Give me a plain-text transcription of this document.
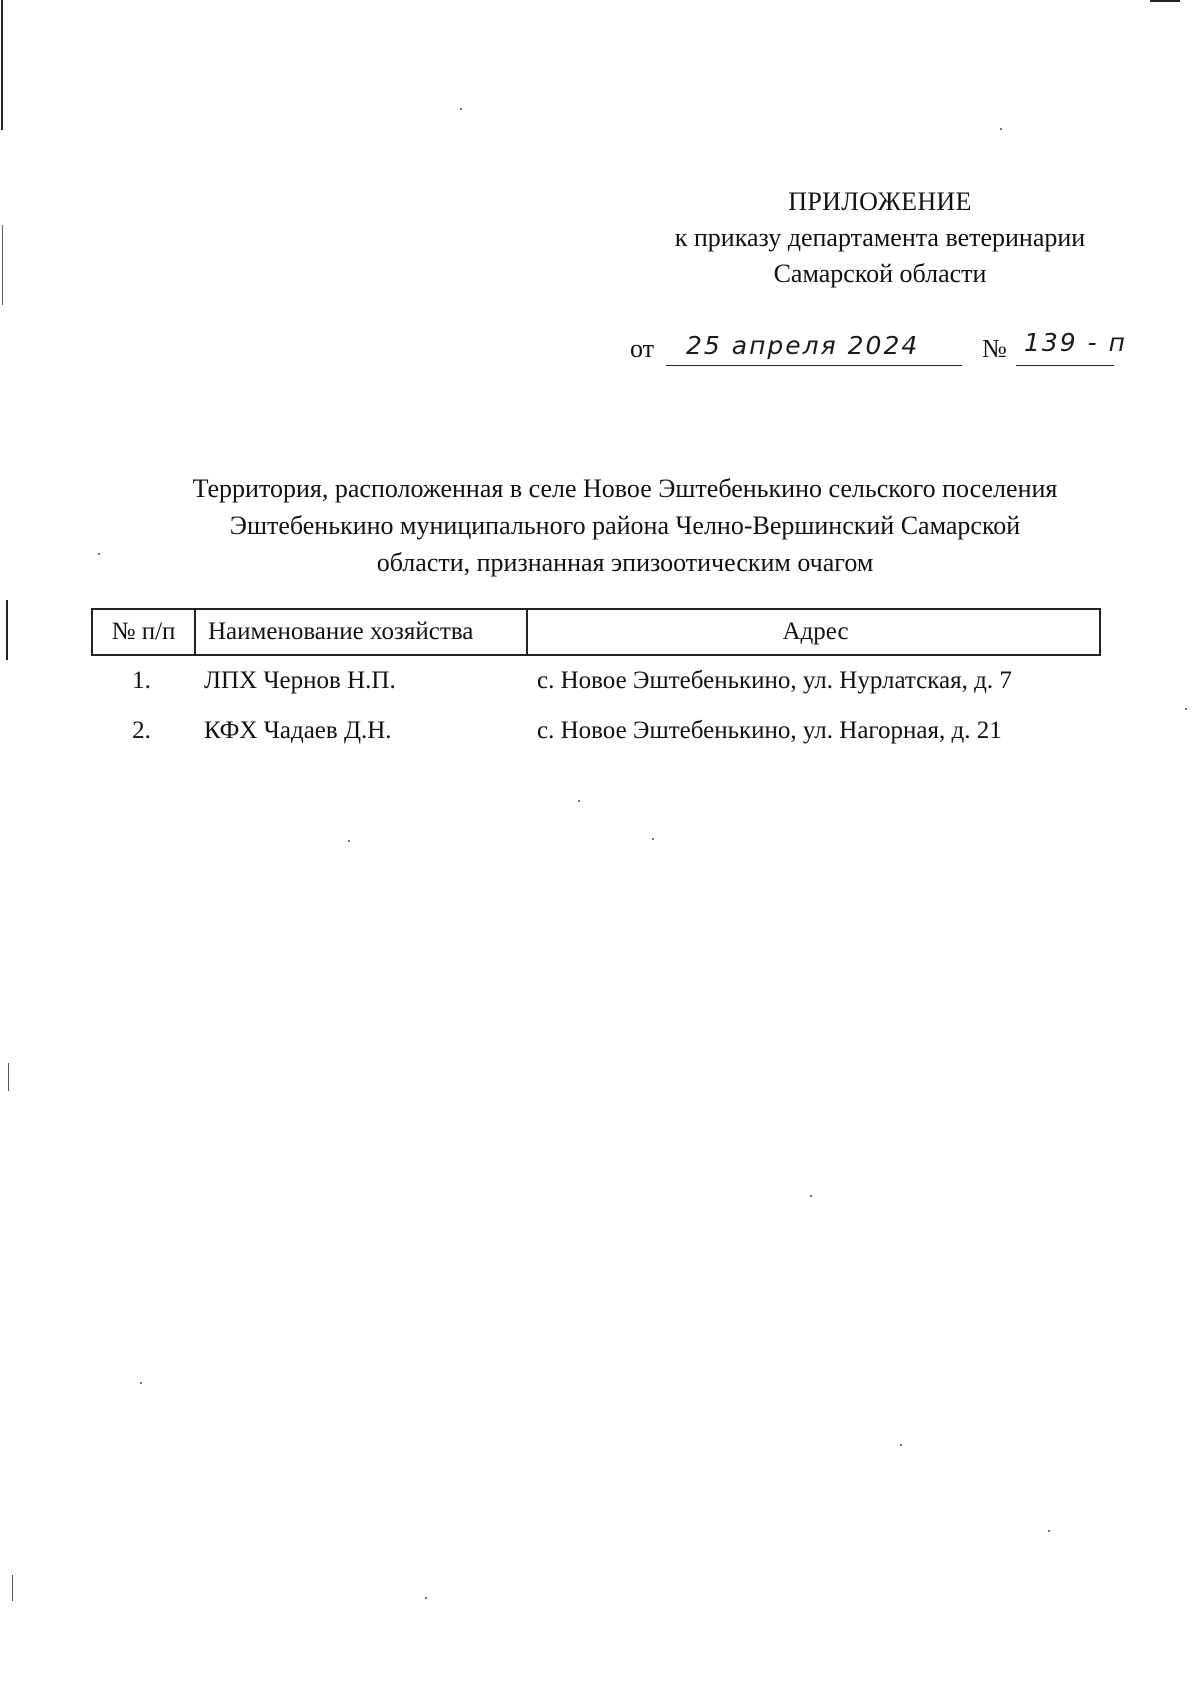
ПРИЛОЖЕНИЕ
к приказу департамента ветеринарии
Самарской области
от 25 апреля 2024 № 139 - п
Территория, расположенная в селе Новое Эштебенькино сельского поселения
Эштебенькино муниципального района Челно-Вершинский Самарской
области, признанная эпизоотическим очагом
№ п/п	Наименование хозяйства	Адрес
1.	ЛПХ Чернов Н.П.	с. Новое Эштебенькино, ул. Нурлатская, д. 7
2.	КФХ Чадаев Д.Н.	с. Новое Эштебенькино, ул. Нагорная, д. 21
